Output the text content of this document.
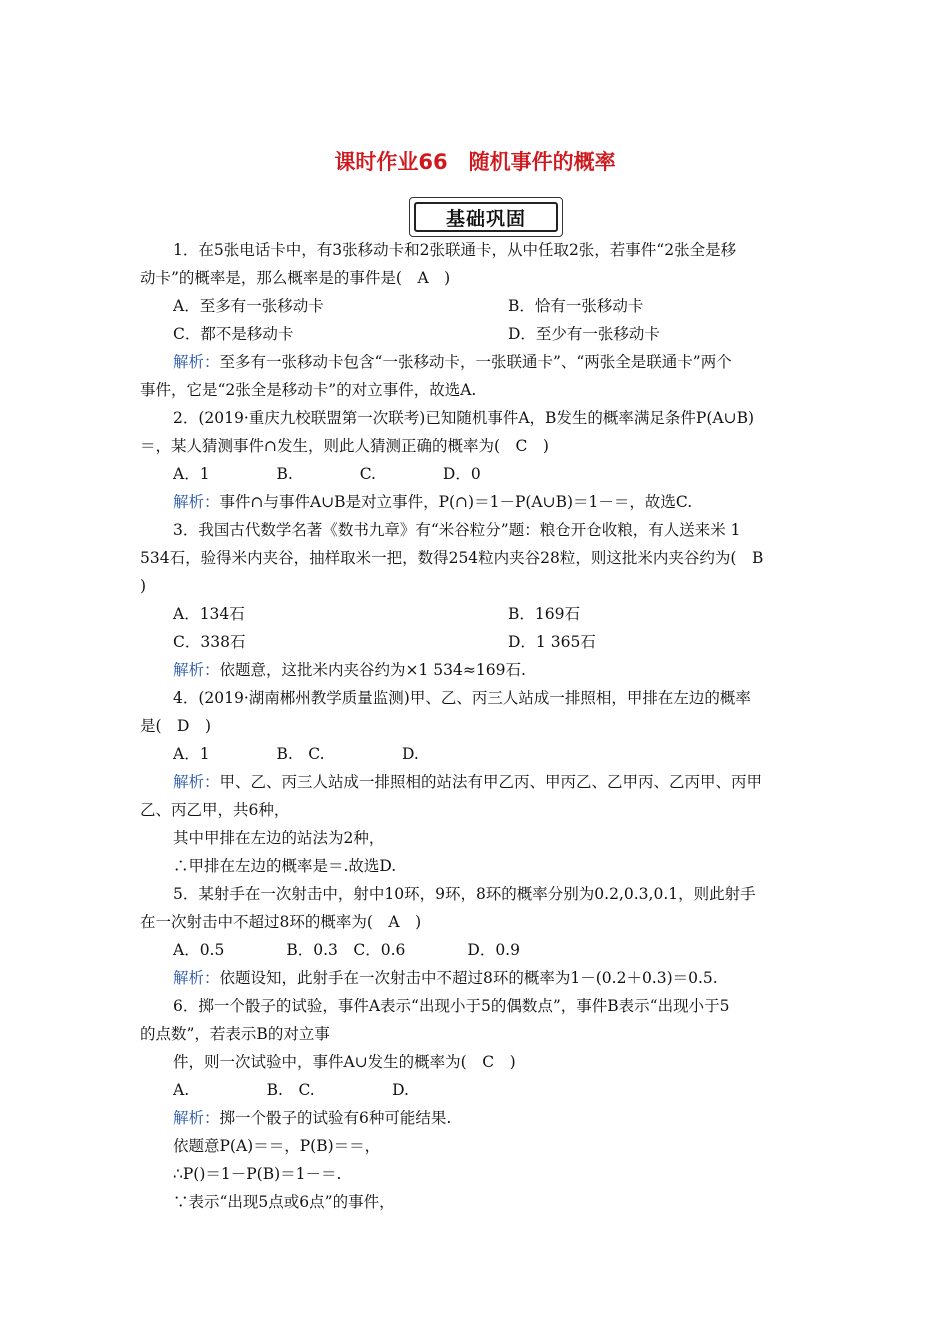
课时作业66　随机事件的概率
基础巩固
1．在5张电话卡中，有3张移动卡和2张联通卡，从中任取2张，若事件“2张全是移
动卡”的概率是，那么概率是的事件是(　A　)
A．至多有一张移动卡	B．恰有一张移动卡
C．都不是移动卡	D．至少有一张移动卡
解析：至多有一张移动卡包含“一张移动卡，一张联通卡”、“两张全是联通卡”两个
事件，它是“2张全是移动卡”的对立事件，故选A.
2．(2019·重庆九校联盟第一次联考)已知随机事件A，B发生的概率满足条件P(A∪B)
＝，某人猜测事件∩发生，则此人猜测正确的概率为(　C　)
A．1　　　　 B.　　　　 C.　　　　 D．0
解析：事件∩与事件A∪B是对立事件，P(∩)＝1－P(A∪B)＝1－＝，故选C.
3．我国古代数学名著《数书九章》有“米谷粒分”题：粮仓开仓收粮，有人送来米 1
534石，验得米内夹谷，抽样取米一把，数得254粒内夹谷28粒，则这批米内夹谷约为(　B
)
A．134石	B．169石
C．338石	D．1 365石
解析：依题意，这批米内夹谷约为×1 534≈169石.
4．(2019·湖南郴州教学质量监测)甲、乙、丙三人站成一排照相，甲排在左边的概率
是(　D　)
A．1　　　　 B.　C.　　　　　D.
解析：甲、乙、丙三人站成一排照相的站法有甲乙丙、甲丙乙、乙甲丙、乙丙甲、丙甲
乙、丙乙甲，共6种，
其中甲排在左边的站法为2种，
∴甲排在左边的概率是＝.故选D.
5．某射手在一次射击中，射中10环，9环，8环的概率分别为0.2,0.3,0.1，则此射手
在一次射击中不超过8环的概率为(　A　)
A．0.5　　　　B．0.3　C．0.6　　　　D．0.9
解析：依题设知，此射手在一次射击中不超过8环的概率为1－(0.2＋0.3)＝0.5.
6．掷一个骰子的试验，事件A表示“出现小于5的偶数点”，事件B表示“出现小于5
的点数”，若表示B的对立事
件，则一次试验中，事件A∪发生的概率为(　C　)
A.　　　　　B.　C.　　　　　D.
解析：掷一个骰子的试验有6种可能结果.
依题意P(A)＝＝，P(B)＝＝，
∴P()＝1－P(B)＝1－＝.
∵表示“出现5点或6点”的事件，
